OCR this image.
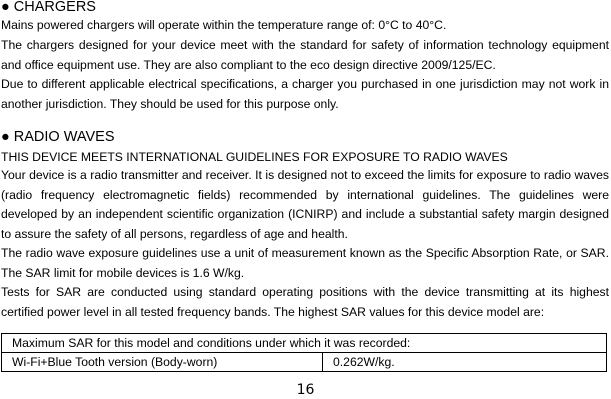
● CHARGERS
Mains powered chargers will operate within the temperature range of: 0°C to 40°C.
The chargers designed for your device meet with the standard for safety of information technology equipment and office equipment use. They are also compliant to the eco design directive 2009/125/EC.
Due to different applicable electrical specifications, a charger you purchased in one jurisdiction may not work in another jurisdiction. They should be used for this purpose only.
● RADIO WAVES
THIS DEVICE MEETS INTERNATIONAL GUIDELINES FOR EXPOSURE TO RADIO WAVES
Your device is a radio transmitter and receiver. It is designed not to exceed the limits for exposure to radio waves (radio frequency electromagnetic fields) recommended by international guidelines. The guidelines were developed by an independent scientific organization (ICNIRP) and include a substantial safety margin designed to assure the safety of all persons, regardless of age and health.
The radio wave exposure guidelines use a unit of measurement known as the Specific Absorption Rate, or SAR. The SAR limit for mobile devices is 1.6 W/kg.
Tests for SAR are conducted using standard operating positions with the device transmitting at its highest certified power level in all tested frequency bands. The highest SAR values for this device model are:
Maximum SAR for this model and conditions under which it was recorded:
Wi-Fi+Blue Tooth version (Body-worn)	0.262W/kg.
16
